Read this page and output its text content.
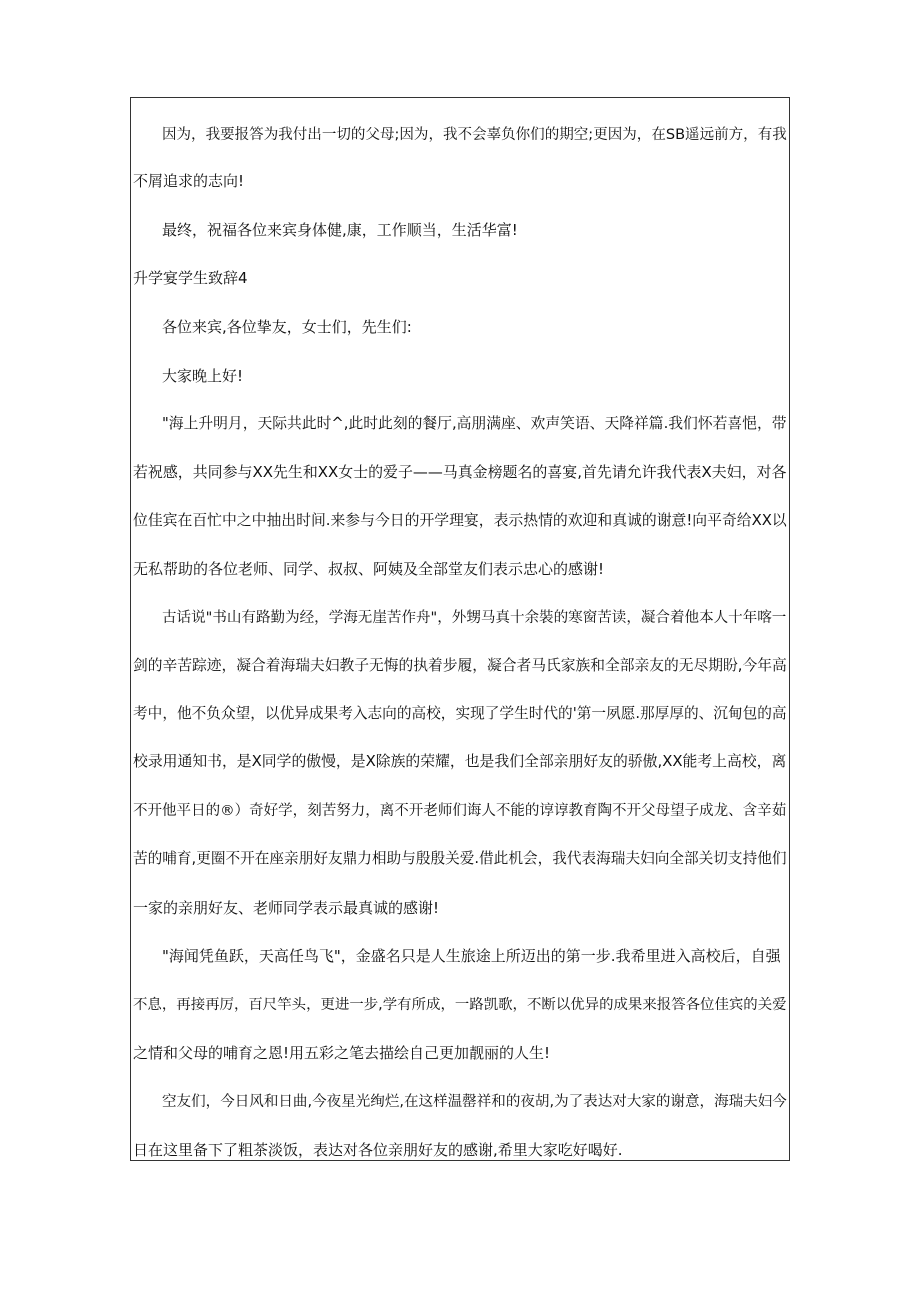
因为，我要报答为我付出一切的父母;因为，我不会辜负你们的期空;更因为，在SB遥远前方，有我
不屑追求的志向!
最终，祝福各位来宾身体健,康，工作顺当，生活华富!
升学宴学生致辞4
各位来宾,各位挚友，女士们，先生们:
大家晚上好!
"海上升明月，天际共此时^,此时此刻的餐厅,高朋满座、欢声笑语、天降祥篇.我们怀若喜悒，带
若祝感，共同参与XX先生和XX女士的爱子——马真金榜题名的喜宴,首先请允许我代表X夫妇，对各
位佳宾在百忙中之中抽出时间.来参与今日的开学理宴，表示热情的欢迎和真诚的谢意!向平奇给XX以
无私帮助的各位老师、同学、叔叔、阿姨及全部堂友们表示忠心的感谢!
古话说"书山有路勤为经，学海无崖苦作舟"，外甥马真十余裝的寒窗苦读，凝合着他本人十年喀一
剑的辛苦踪迹，凝合着海瑞夫妇教子无悔的执着步履，凝合者马氏家族和全部亲友的无尽期盼,今年高
考中，他不负众望，以优异成果考入志向的高校，实现了学生时代的'第一夙愿.那厚厚的、沉甸包的高
校录用通知书，是X同学的傲慢，是X除族的荣耀，也是我们全部亲朋好友的骄傲,XX能考上高校，离
不开他平日的®）奇好学，刻苦努力，离不开老师们诲人不能的谆谆教育陶不开父母望子成龙、含辛茹
苦的哺育,更圈不开在座亲朋好友鼎力相助与殷殷关爱.借此机会，我代表海瑞夫妇向全部关切支持他们
一家的亲朋好友、老师同学表示最真诚的感谢!
"海闻凭鱼跃，天高任鸟飞"，金盛名只是人生旅途上所迈出的第一步.我希里进入高校后，自强
不息，再接再厉，百尺竿头，更进一步,学有所成，一路凯歌，不断以优异的成果来报答各位佳宾的关爱
之情和父母的哺育之恩!用五彩之笔去描绘自己更加靓丽的人生!
空友们，今日风和日曲,今夜星光绚烂,在这样温罄祥和的夜胡,为了表达对大家的谢意，海瑞夫妇今
日在这里备下了粗茶淡饭，表达对各位亲朋好友的感谢,希里大家吃好喝好.
